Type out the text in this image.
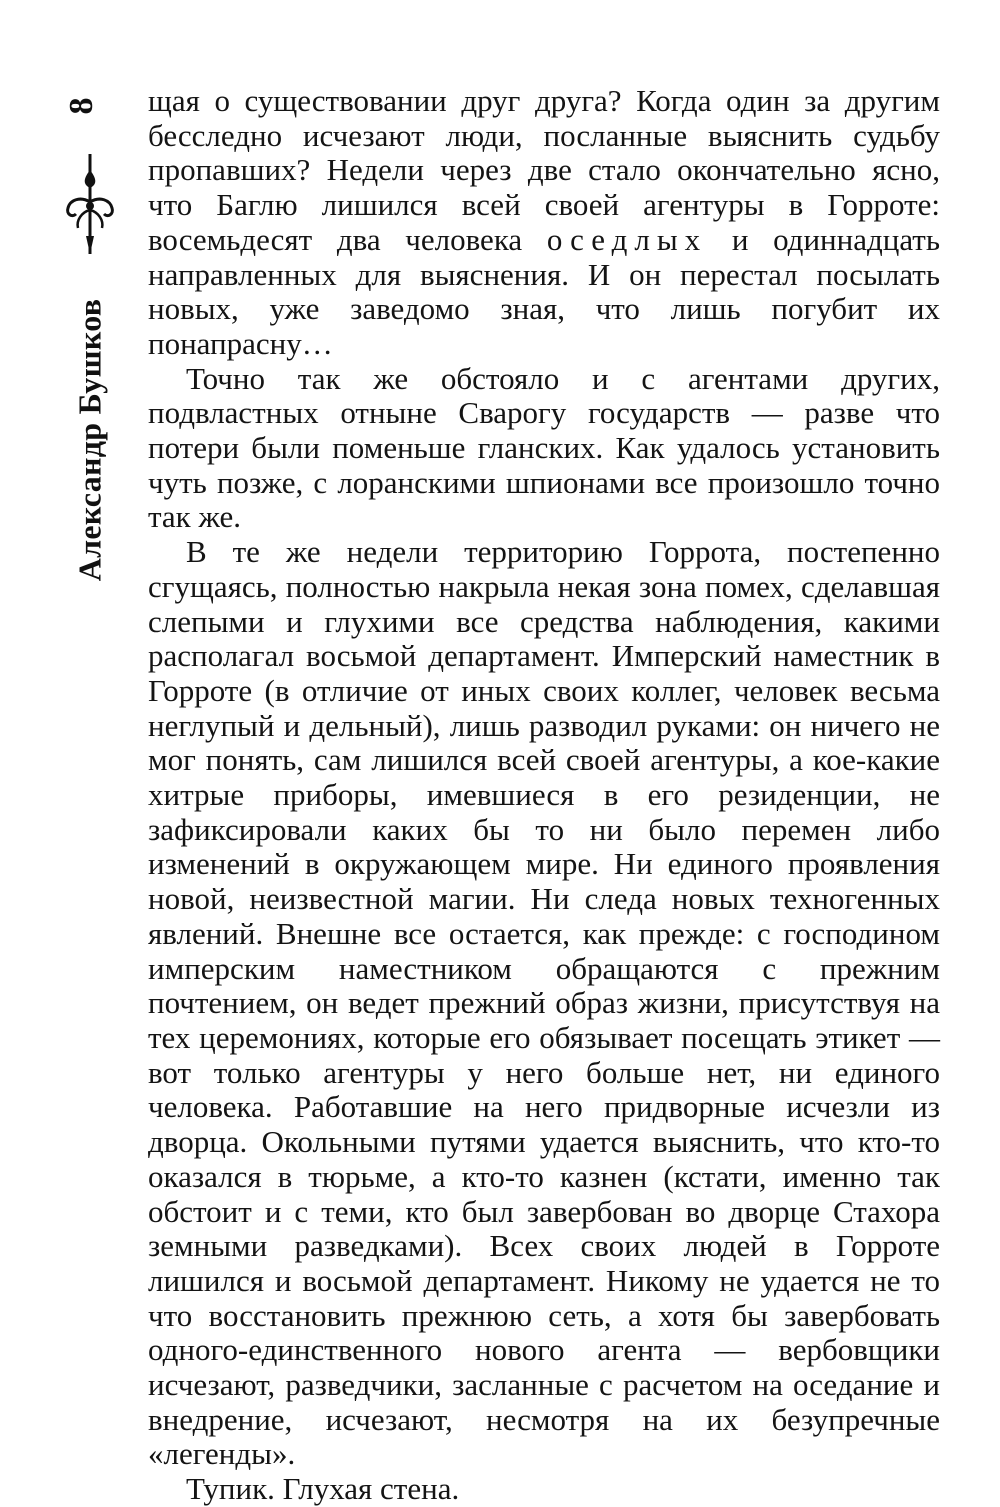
8
Александр Бушков

щая о существовании друг друга? Когда один за другим бесследно исчезают люди, посланные выяснить судьбу пропавших? Недели через две стало окончательно ясно, что Баглю лишился всей своей агентуры в Горроте: восемьдесят два человека оседлых и одиннадцать направленных для выяснения. И он перестал посылать новых, уже заведомо зная, что лишь погубит их понапрасну…

Точно так же обстояло и с агентами других, подвластных отныне Сварогу государств — разве что потери были поменьше гланских. Как удалось установить чуть позже, с лоранскими шпионами все произошло точно так же.

В те же недели территорию Горрота, постепенно сгущаясь, полностью накрыла некая зона помех, сделавшая слепыми и глухими все средства наблюдения, какими располагал восьмой департамент. Имперский наместник в Горроте (в отличие от иных своих коллег, человек весьма неглупый и дельный), лишь разводил руками: он ничего не мог понять, сам лишился всей своей агентуры, а кое-какие хитрые приборы, имевшиеся в его резиденции, не зафиксировали каких бы то ни было перемен либо изменений в окружающем мире. Ни единого проявления новой, неизвестной магии. Ни следа новых техногенных явлений. Внешне все остается, как прежде: с господином имперским наместником обращаются с прежним почтением, он ведет прежний образ жизни, присутствуя на тех церемониях, которые его обязывает посещать этикет — вот только агентуры у него больше нет, ни единого человека. Работавшие на него придворные исчезли из дворца. Окольными путями удается выяснить, что кто-то оказался в тюрьме, а кто-то казнен (кстати, именно так обстоит и с теми, кто был завербован во дворце Стахора земными разведками). Всех своих людей в Горроте лишился и восьмой департамент. Никому не удается не то что восстановить прежнюю сеть, а хотя бы завербовать одного-единственного нового агента — вербовщики исчезают, разведчики, засланные с расчетом на оседание и внедрение, исчезают, несмотря на их безупречные «легенды».

Тупик. Глухая стена.
